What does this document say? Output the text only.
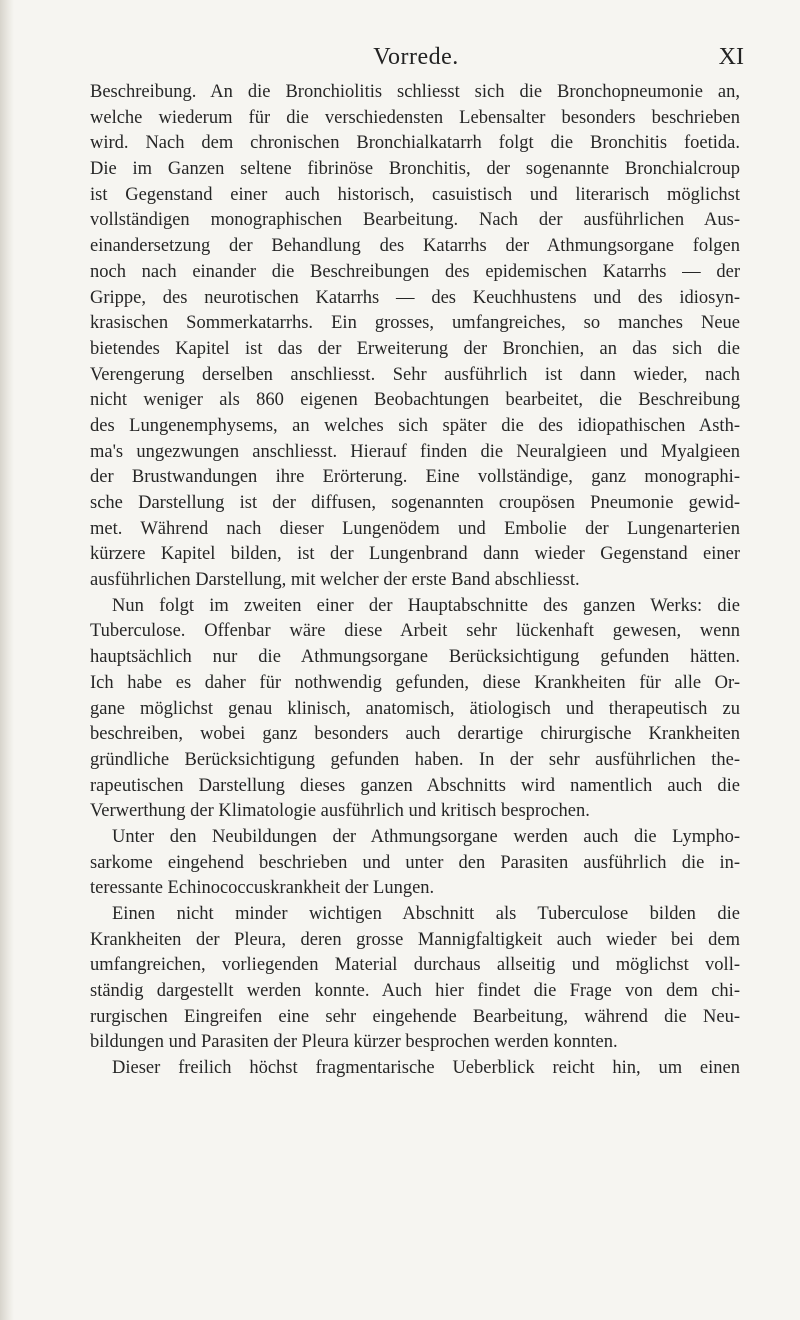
Vorrede.	XI
Beschreibung. An die Bronchiolitis schliesst sich die Bronchopneumonie an,
welche wiederum für die verschiedensten Lebensalter besonders beschrieben
wird. Nach dem chronischen Bronchialkatarrh folgt die Bronchitis foetida.
Die im Ganzen seltene fibrinöse Bronchitis, der sogenannte Bronchialcroup
ist Gegenstand einer auch historisch, casuistisch und literarisch möglichst
vollständigen monographischen Bearbeitung. Nach der ausführlichen Aus-
einandersetzung der Behandlung des Katarrhs der Athmungsorgane folgen
noch nach einander die Beschreibungen des epidemischen Katarrhs — der
Grippe, des neurotischen Katarrhs — des Keuchhustens und des idiosyn-
krasischen Sommerkatarrhs. Ein grosses, umfangreiches, so manches Neue
bietendes Kapitel ist das der Erweiterung der Bronchien, an das sich die
Verengerung derselben anschliesst. Sehr ausführlich ist dann wieder, nach
nicht weniger als 860 eigenen Beobachtungen bearbeitet, die Beschreibung
des Lungenemphysems, an welches sich später die des idiopathischen Asth-
ma's ungezwungen anschliesst. Hierauf finden die Neuralgieen und Myalgieen
der Brustwandungen ihre Erörterung. Eine vollständige, ganz monographi-
sche Darstellung ist der diffusen, sogenannten croupösen Pneumonie gewid-
met. Während nach dieser Lungenödem und Embolie der Lungenarterien
kürzere Kapitel bilden, ist der Lungenbrand dann wieder Gegenstand einer
ausführlichen Darstellung, mit welcher der erste Band abschliesst.
Nun folgt im zweiten einer der Hauptabschnitte des ganzen Werks: die
Tuberculose. Offenbar wäre diese Arbeit sehr lückenhaft gewesen, wenn
hauptsächlich nur die Athmungsorgane Berücksichtigung gefunden hätten.
Ich habe es daher für nothwendig gefunden, diese Krankheiten für alle Or-
gane möglichst genau klinisch, anatomisch, ätiologisch und therapeutisch zu
beschreiben, wobei ganz besonders auch derartige chirurgische Krankheiten
gründliche Berücksichtigung gefunden haben. In der sehr ausführlichen the-
rapeutischen Darstellung dieses ganzen Abschnitts wird namentlich auch die
Verwerthung der Klimatologie ausführlich und kritisch besprochen.
Unter den Neubildungen der Athmungsorgane werden auch die Lympho-
sarkome eingehend beschrieben und unter den Parasiten ausführlich die in-
teressante Echinococcuskrankheit der Lungen.
Einen nicht minder wichtigen Abschnitt als Tuberculose bilden die
Krankheiten der Pleura, deren grosse Mannigfaltigkeit auch wieder bei dem
umfangreichen, vorliegenden Material durchaus allseitig und möglichst voll-
ständig dargestellt werden konnte. Auch hier findet die Frage von dem chi-
rurgischen Eingreifen eine sehr eingehende Bearbeitung, während die Neu-
bildungen und Parasiten der Pleura kürzer besprochen werden konnten.
Dieser freilich höchst fragmentarische Ueberblick reicht hin, um einen
